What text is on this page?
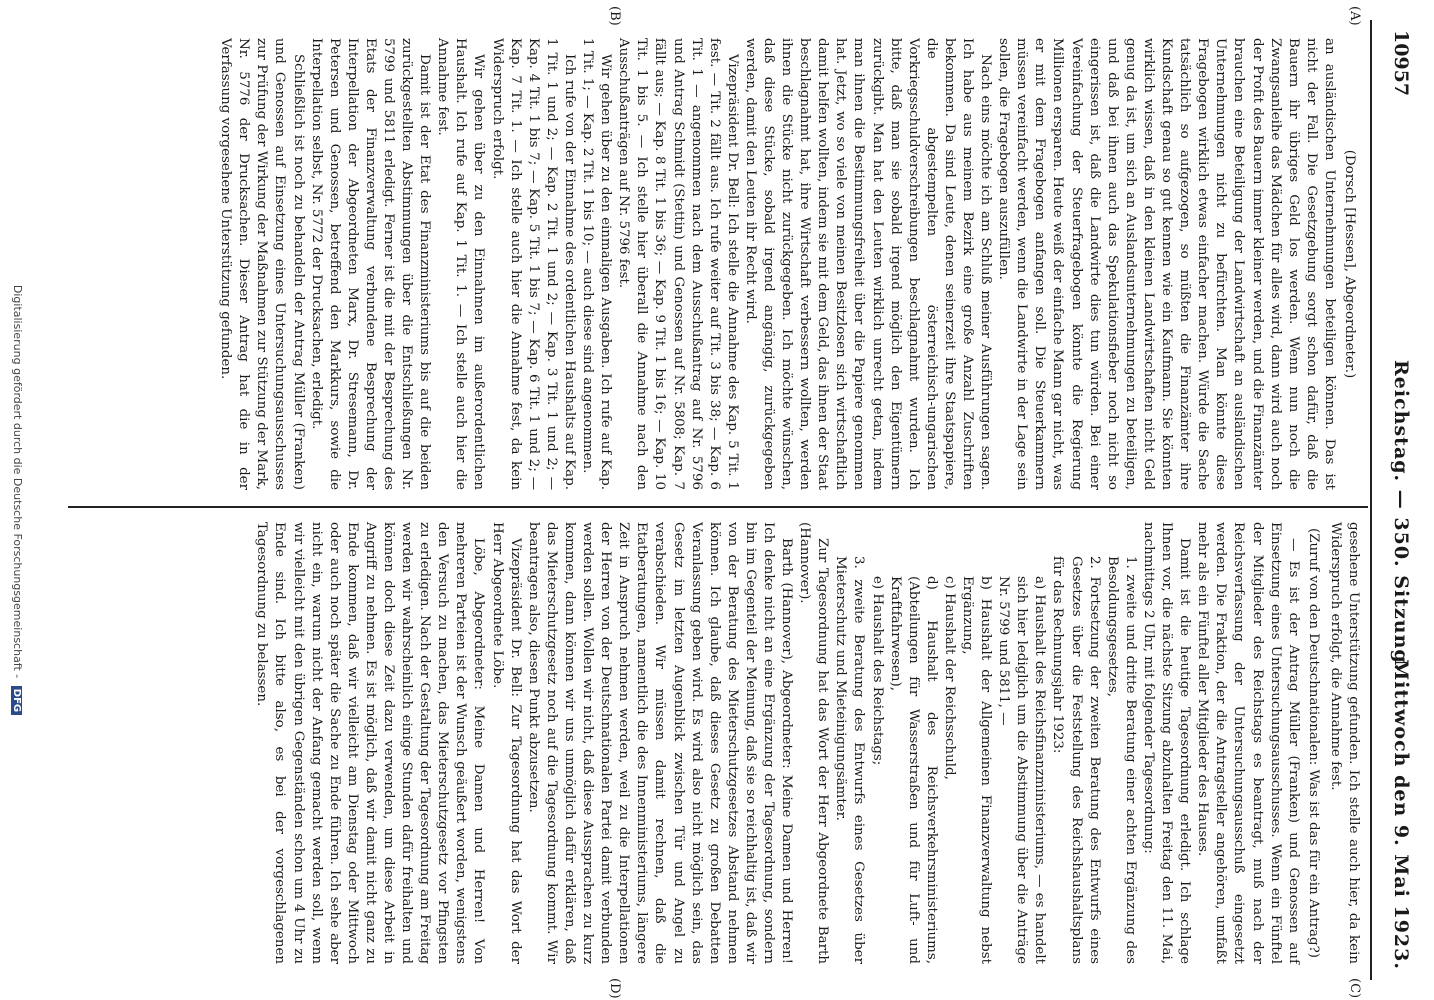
10957
Reichstag. — 350. Sitzung.
Mittwoch den 9. Mai 1923.
(A)
(B)
(C)
(D)

(Dorsch [Hessen], Abgeordneter.)

an ausländischen Unternehmungen beteiligen können. Das ist nicht der Fall. Die Gesetzgebung sorgt schon dafür, daß die Bauern ihr übriges Geld los werden. Wenn nun noch die Zwangsanleihe das Mädchen für alles wird, dann wird auch noch der Profit des Bauern immer kleiner werden, und die Finanzämter brauchen eine Beteiligung der Landwirtschaft an ausländischen Unternehmungen nicht zu befürchten. Man könnte diese Fragebogen wirklich etwas einfacher machen. Würde die Sache tatsächlich so aufgezogen, so müßten die Finanzämter ihre Kundschaft genau so gut kennen wie ein Kaufmann. Sie könnten wirklich wissen, daß in den kleinen Landwirtschaften nicht Geld genug da ist, um sich an Auslandsunternehmungen zu beteiligen, und daß bei ihnen auch das Spekulationsfieber noch nicht so eingerissen ist, daß die Landwirte dies tun würden. Bei einer Vereinfachung der Steuerfragebogen könnte die Regierung Millionen ersparen. Heute weiß der einfache Mann gar nicht, was er mit dem Fragebogen anfangen soll. Die Steuerkammern müssen vereinfacht werden, wenn die Landwirte in der Lage sein sollen, die Fragebogen auszufüllen.

Nach eins möchte ich am Schluß meiner Ausführungen sagen. Ich habe aus meinem Bezirk eine große Anzahl Zuschriften bekommen. Da sind Leute, denen seinerzeit ihre Staatspapiere, die abgestempelten österreichisch-ungarischen Vorkriegsschuldverschreibungen beschlagnahmt wurden. Ich bitte, daß man sie sobald irgend möglich den Eigentümern zurückgibt. Man hat den Leuten wirklich unrecht getan, indem man ihnen die Bestimmungsfreiheit über die Papiere genommen hat. Jetzt, wo so viele von meinen Besitzlosen sich wirtschaftlich damit helfen wollten, indem sie mit dem Geld, das ihnen der Staat beschlagnahmt hat, ihre Wirtschaft verbessern wollten, werden ihnen die Stücke nicht zurückgegeben. Ich möchte wünschen, daß diese Stücke, sobald irgend angängig, zurückgegeben werden, damit den Leuten ihr Recht wird.

Vizepräsident Dr. Bell: Ich stelle die Annahme des Kap. 5 Tit. 1 fest. — Tit. 2 fällt aus. Ich rufe weiter auf Tit. 3 bis 38; — Kap. 6 Tit. 1 — angenommen nach dem Ausschußantrag auf Nr. 5796 und Antrag Schmidt (Stettin) und Genossen auf Nr. 5808; Kap. 7 fällt aus; — Kap. 8 Tit. 1 bis 36; — Kap. 9 Tit. 1 bis 16; — Kap. 10 Tit. 1 bis 5. — Ich stelle hier überall die Annahme nach den Ausschußanträgen auf Nr. 5796 fest.

Wir gehen über zu den einmaligen Ausgaben. Ich rufe auf Kap. 1 Tit. 1; — Kap. 2 Tit. 1 bis 10; — auch diese sind angenommen.

Ich rufe von der Einnahme des ordentlichen Haushalts auf Kap. 1 Tit. 1 und 2; — Kap. 2 Tit. 1 und 2; — Kap. 3 Tit. 1 und 2; — Kap. 4 Tit. 1 bis 7; — Kap. 5 Tit. 1 bis 7; — Kap. 6 Tit. 1 und 2; — Kap. 7 Tit. 1. — Ich stelle auch hier die Annahme fest, da kein Widerspruch erfolgt.

Wir gehen über zu den Einnahmen im außerordentlichen Haushalt. Ich rufe auf Kap. 1 Tit. 1. — Ich stelle auch hier die Annahme fest.

Damit ist der Etat des Finanzministeriums bis auf die beiden zurückgestellten Abstimmungen über die Entschließungen Nr. 5799 und 5811 erledigt. Ferner ist die mit der Besprechung des Etats der Finanzverwaltung verbundene Besprechung der Interpellation der Abgeordneten Marx, Dr. Stresemann, Dr. Petersen und Genossen, betreffend den Markkurs, sowie die Interpellation selbst, Nr. 5772 der Drucksachen, erledigt.

Schließlich ist noch zu behandeln der Antrag Müller (Franken) und Genossen auf Einsetzung eines Untersuchungsausschusses zur Prüfung der Wirkung der Maßnahmen zur Stützung der Mark, Nr. 5776 der Drucksachen. Dieser Antrag hat die in der Verfassung vorgesehene Unterstützung gefunden.

gesehene Unterstützung gefunden. Ich stelle auch hier, da kein Widerspruch erfolgt, die Annahme fest.

(Zuruf von den Deutschnationalen: Was ist das für ein Antrag?)

— Es ist der Antrag Müller (Franken) und Genossen auf Einsetzung eines Untersuchungsausschusses. Wenn ein Fünftel der Mitglieder des Reichstags es beantragt, muß nach der Reichsverfassung der Untersuchungsausschuß eingesetzt werden. Die Fraktion, der die Antragsteller angehören, umfaßt mehr als ein Fünftel aller Mitglieder des Hauses.

Damit ist die heutige Tagesordnung erledigt. Ich schlage Ihnen vor, die nächste Sitzung abzuhalten Freitag den 11. Mai, nachmittags 2 Uhr, mit folgender Tagesordnung:

1. zweite und dritte Beratung einer achten Ergänzung des Besoldungsgesetzes,

2. Fortsetzung der zweiten Beratung des Entwurfs eines Gesetzes über die Feststellung des Reichshaushaltsplans für das Rechnungsjahr 1923:

a) Haushalt des Reichsfinanzministeriums, — es handelt sich hier lediglich um die Abstimmung über die Anträge Nr. 5799 und 5811, —

b) Haushalt der Allgemeinen Finanzverwaltung nebst Ergänzung,

c) Haushalt der Reichsschuld,

d) Haushalt des Reichsverkehrsministeriums, (Abteilungen für Wasserstraßen und für Luft- und Kraftfahrwesen),

e) Haushalt des Reichstags;

3. zweite Beratung des Entwurfs eines Gesetzes über Mieterschutz und Mieteinigungsämter.

Zur Tagesordnung hat das Wort der Herr Abgeordnete Barth (Hannover).

Barth (Hannover), Abgeordneter: Meine Damen und Herren! Ich denke nicht an eine Ergänzung der Tagesordnung, sondern bin im Gegenteil der Meinung, daß sie so reichhaltig ist, daß wir von der Beratung des Mieterschutzgesetzes Abstand nehmen können. Ich glaube, daß dieses Gesetz zu großen Debatten Veranlassung geben wird. Es wird also nicht möglich sein, das Gesetz im letzten Augenblick zwischen Tür und Angel zu verabschieden. Wir müssen damit rechnen, daß die Etatberatungen, namentlich die des Innenministeriums, längere Zeit in Anspruch nehmen werden, weil zu die Interpellationen der Herren von der Deutschnationalen Partei damit verbunden werden sollen. Wollen wir nicht, daß diese Aussprachen zu kurz kommen, dann können wir uns unmöglich dafür erklären, daß das Mieterschutzgesetz noch auf die Tagesordnung kommt. Wir beantragen also, diesen Punkt abzusetzen.

Vizepräsident Dr. Bell: Zur Tagesordnung hat das Wort der Herr Abgeordnete Löbe.

Löbe, Abgeordneter: Meine Damen und Herren! Von mehreren Parteien ist der Wunsch geäußert worden, wenigstens den Versuch zu machen, das Mieterschutzgesetz vor Pfingsten zu erledigen. Nach der Gestaltung der Tagesordnung am Freitag werden wir wahrscheinlich einige Stunden dafür freihalten und können doch diese Zeit dazu verwenden, um diese Arbeit in Angriff zu nehmen. Es ist möglich, daß wir damit nicht ganz zu Ende kommen, daß wir vielleicht am Dienstag oder Mittwoch oder auch noch später die Sache zu Ende führen. Ich sehe aber nicht ein, warum nicht der Anfang gemacht werden soll, wenn wir vielleicht mit den übrigen Gegenständen schon um 4 Uhr zu Ende sind. Ich bitte also, es bei der vorgeschlagenen Tagesordnung zu belassen.

Digitalisierung gefördert durch die Deutsche Forschungsgemeinschaft - DFG
